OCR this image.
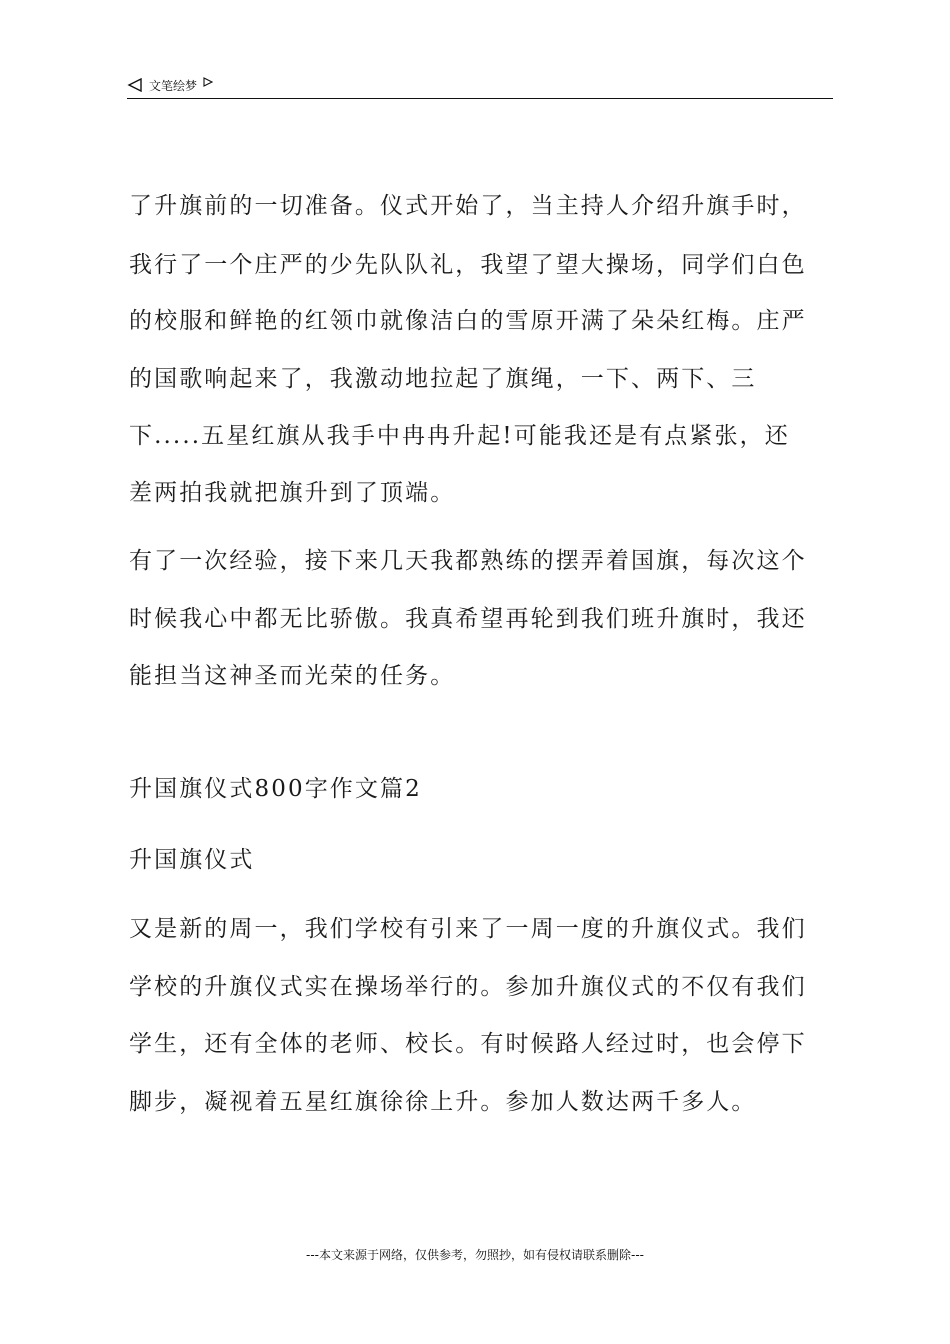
文笔绘梦
了升旗前的一切准备。仪式开始了，当主持人介绍升旗手时，
我行了一个庄严的少先队队礼，我望了望大操场，同学们白色
的校服和鲜艳的红领巾就像洁白的雪原开满了朵朵红梅。庄严
的国歌响起来了，我激动地拉起了旗绳，一下、两下、三
下.....五星红旗从我手中冉冉升起!可能我还是有点紧张，还
差两拍我就把旗升到了顶端。
有了一次经验，接下来几天我都熟练的摆弄着国旗，每次这个
时候我心中都无比骄傲。我真希望再轮到我们班升旗时，我还
能担当这神圣而光荣的任务。
升国旗仪式800字作文篇2
升国旗仪式
又是新的周一，我们学校有引来了一周一度的升旗仪式。我们
学校的升旗仪式实在操场举行的。参加升旗仪式的不仅有我们
学生，还有全体的老师、校长。有时候路人经过时，也会停下
脚步，凝视着五星红旗徐徐上升。参加人数达两千多人。
---本文来源于网络，仅供参考，勿照抄，如有侵权请联系删除---
